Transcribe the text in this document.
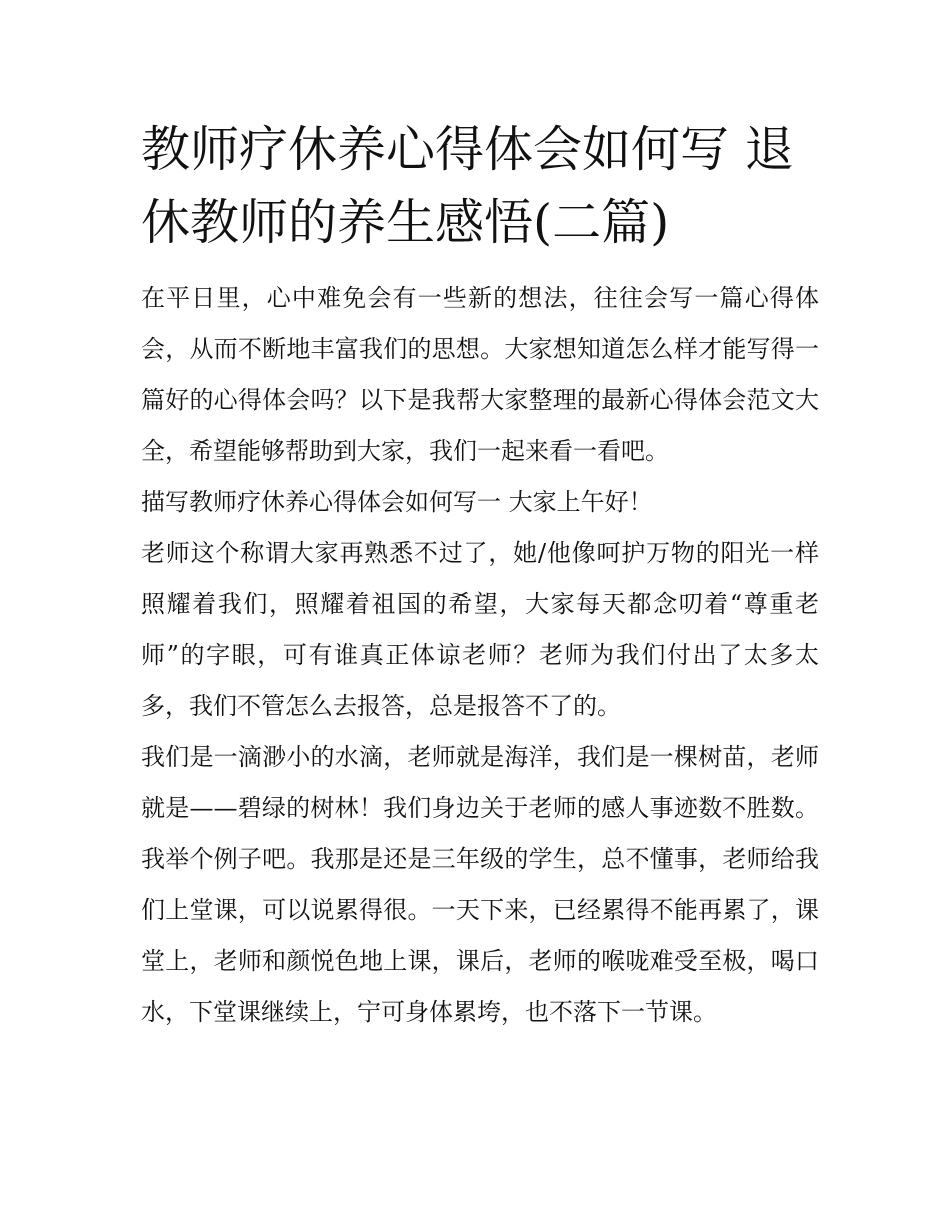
教师疗休养心得体会如何写 退休教师的养生感悟(二篇)

在平日里，心中难免会有一些新的想法，往往会写一篇心得体会，从而不断地丰富我们的思想。大家想知道怎么样才能写得一篇好的心得体会吗？以下是我帮大家整理的最新心得体会范文大全，希望能够帮助到大家，我们一起来看一看吧。

描写教师疗休养心得体会如何写一 大家上午好！

老师这个称谓大家再熟悉不过了，她/他像呵护万物的阳光一样照耀着我们，照耀着祖国的希望，大家每天都念叨着“尊重老师”的字眼，可有谁真正体谅老师？老师为我们付出了太多太多，我们不管怎么去报答，总是报答不了的。

我们是一滴渺小的水滴，老师就是海洋，我们是一棵树苗，老师就是——碧绿的树林！我们身边关于老师的感人事迹数不胜数。我举个例子吧。我那是还是三年级的学生，总不懂事，老师给我们上堂课，可以说累得很。一天下来，已经累得不能再累了，课堂上，老师和颜悦色地上课，课后，老师的喉咙难受至极，喝口水，下堂课继续上，宁可身体累垮，也不落下一节课。
